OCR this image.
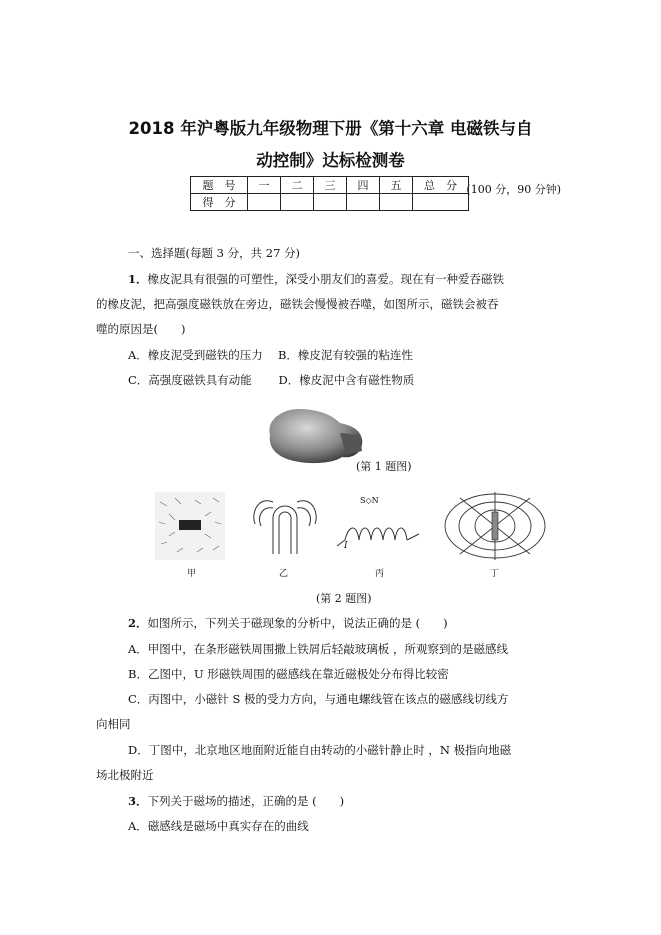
2018 年沪粤版九年级物理下册《第十六章 电磁铁与自
动控制》达标检测卷
(100 分，90 分钟)
题　号	一	二	三	四	五	总　分
得　分						
一、选择题(每题 3 分，共 27 分)
1．橡皮泥具有很强的可塑性，深受小朋友们的喜爱。现在有一种爱吞磁铁
的橡皮泥，把高强度磁铁放在旁边，磁铁会慢慢被吞噬，如图所示，磁铁会被吞
噬的原因是(　　)
A．橡皮泥受到磁铁的压力　 B．橡皮泥有较强的粘连性
C．高强度磁铁具有动能　　 D．橡皮泥中含有磁性物质
(第 1 题图)
S◇N
I
甲	乙	丙	丁
(第 2 题图)
2．如图所示，下列关于磁现象的分析中，说法正确的是 (　　)
A．甲图中，在条形磁铁周围撒上铁屑后轻敲玻璃板 ，所观察到的是磁感线
B．乙图中，U 形磁铁周围的磁感线在靠近磁极处分布得比较密
C．丙图中，小磁针 S 极的受力方向，与通电螺线管在该点的磁感线切线方
向相同
D．丁图中，北京地区地面附近能自由转动的小磁针静止时 ，N 极指向地磁
场北极附近
3．下列关于磁场的描述，正确的是 (　　)
A．磁感线是磁场中真实存在的曲线
